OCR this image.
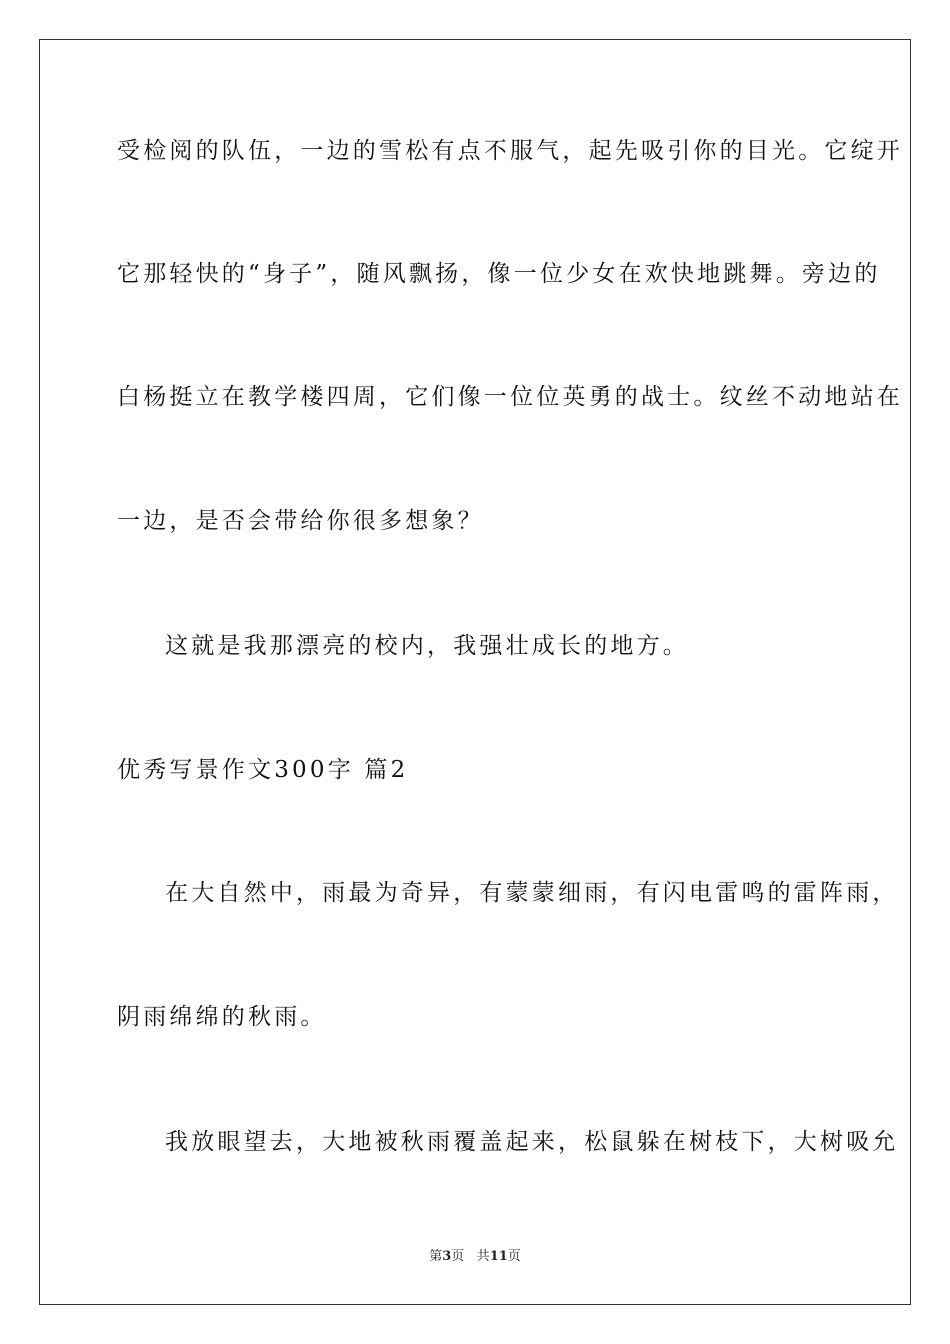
受检阅的队伍，一边的雪松有点不服气，起先吸引你的目光。它绽开
它那轻快的“身子”，随风飘扬，像一位少女在欢快地跳舞。旁边的
白杨挺立在教学楼四周，它们像一位位英勇的战士。纹丝不动地站在
一边，是否会带给你很多想象？
这就是我那漂亮的校内，我强壮成长的地方。
优秀写景作文300字 篇2
在大自然中，雨最为奇异，有蒙蒙细雨，有闪电雷鸣的雷阵雨，
阴雨绵绵的秋雨。
我放眼望去，大地被秋雨覆盖起来，松鼠躲在树枝下，大树吸允
第3页 共11页
